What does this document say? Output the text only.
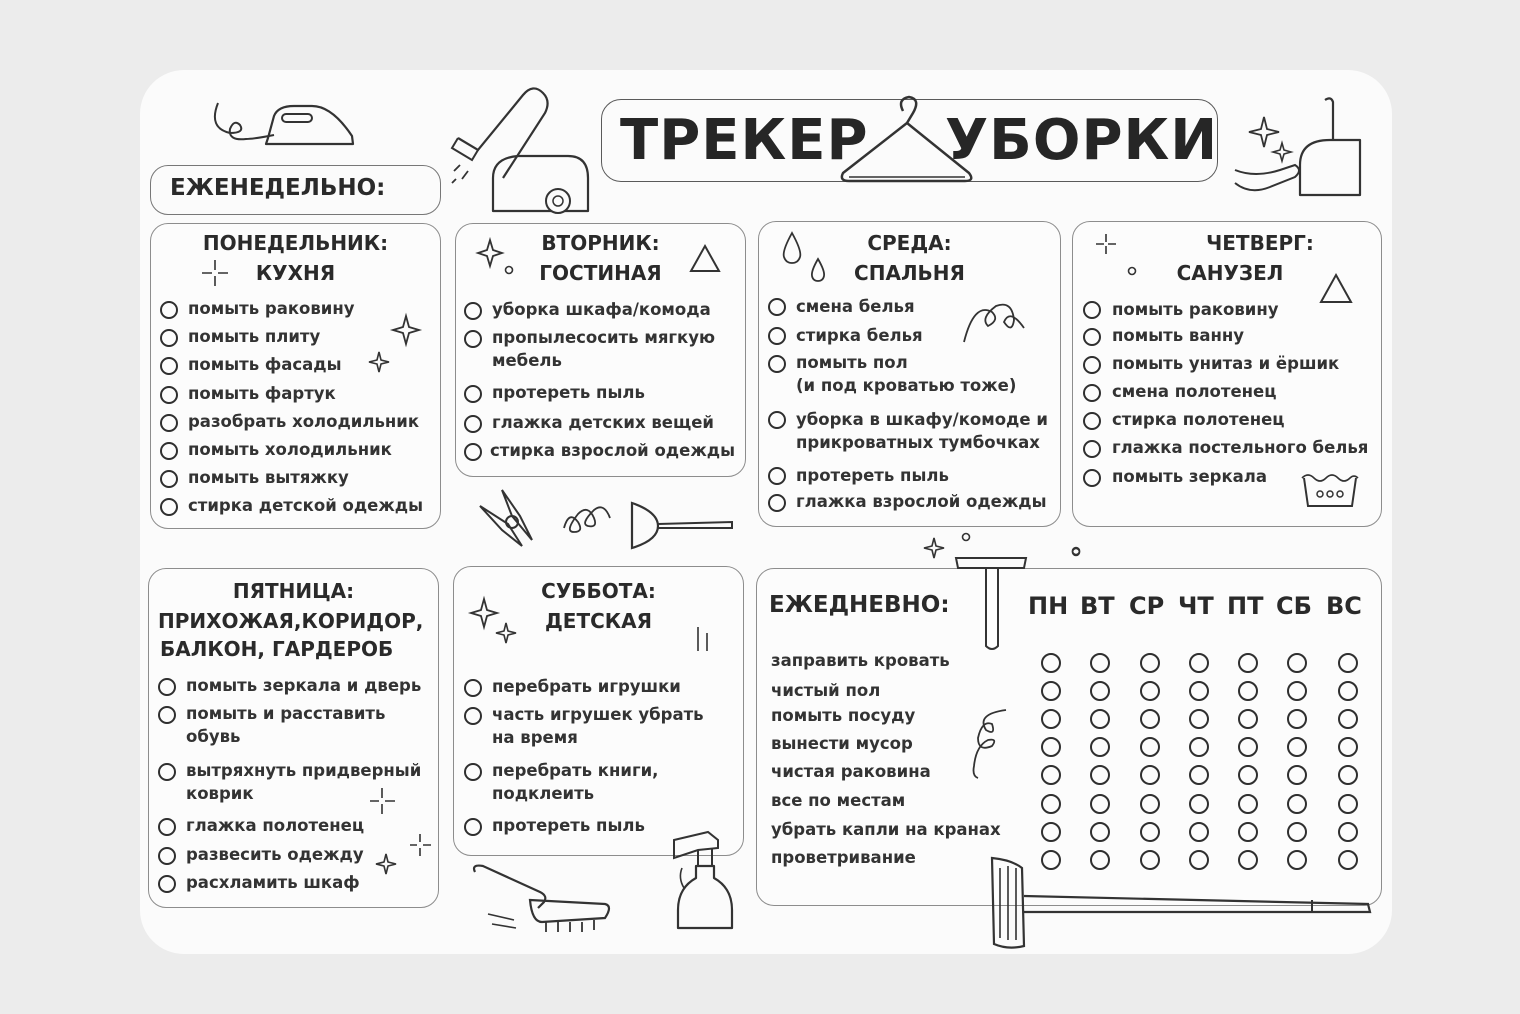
ТРЕКЕР УБОРКИ
ЕЖЕНЕДЕЛЬНО:
ПОНЕДЕЛЬНИК:
КУХНЯ
помыть раковину
помыть плиту
помыть фасады
помыть фартук
разобрать холодильник
помыть холодильник
помыть вытяжку
стирка детской одежды
ВТОРНИК:
ГОСТИНАЯ
уборка шкафа/комода
пропылесосить мягкую
мебель
протереть пыль
глажка детских вещей
стирка взрослой одежды
СРЕДА:
СПАЛЬНЯ
смена белья
стирка белья
помыть пол
(и под кроватью тоже)
уборка в шкафу/комоде и
прикроватных тумбочках
протереть пыль
глажка взрослой одежды
ЧЕТВЕРГ:
САНУЗЕЛ
помыть раковину
помыть ванну
помыть унитаз и ёршик
смена полотенец
стирка полотенец
глажка постельного белья
помыть зеркала
ПЯТНИЦА:
ПРИХОЖАЯ,КОРИДОР,
БАЛКОН, ГАРДЕРОБ
помыть зеркала и дверь
помыть и расставить
обувь
вытряхнуть придверный
коврик
глажка полотенец
развесить одежду
расхламить шкаф
СУББОТА:
ДЕТСКАЯ
перебрать игрушки
часть игрушек убрать
на время
перебрать книги,
подклеить
протереть пыль
ЕЖЕДНЕВНО:	ПН ВТ СР ЧТ ПТ СБ ВС
заправить кровать
чистый пол
помыть посуду
вынести мусор
чистая раковина
все по местам
убрать капли на кранах
проветривание
